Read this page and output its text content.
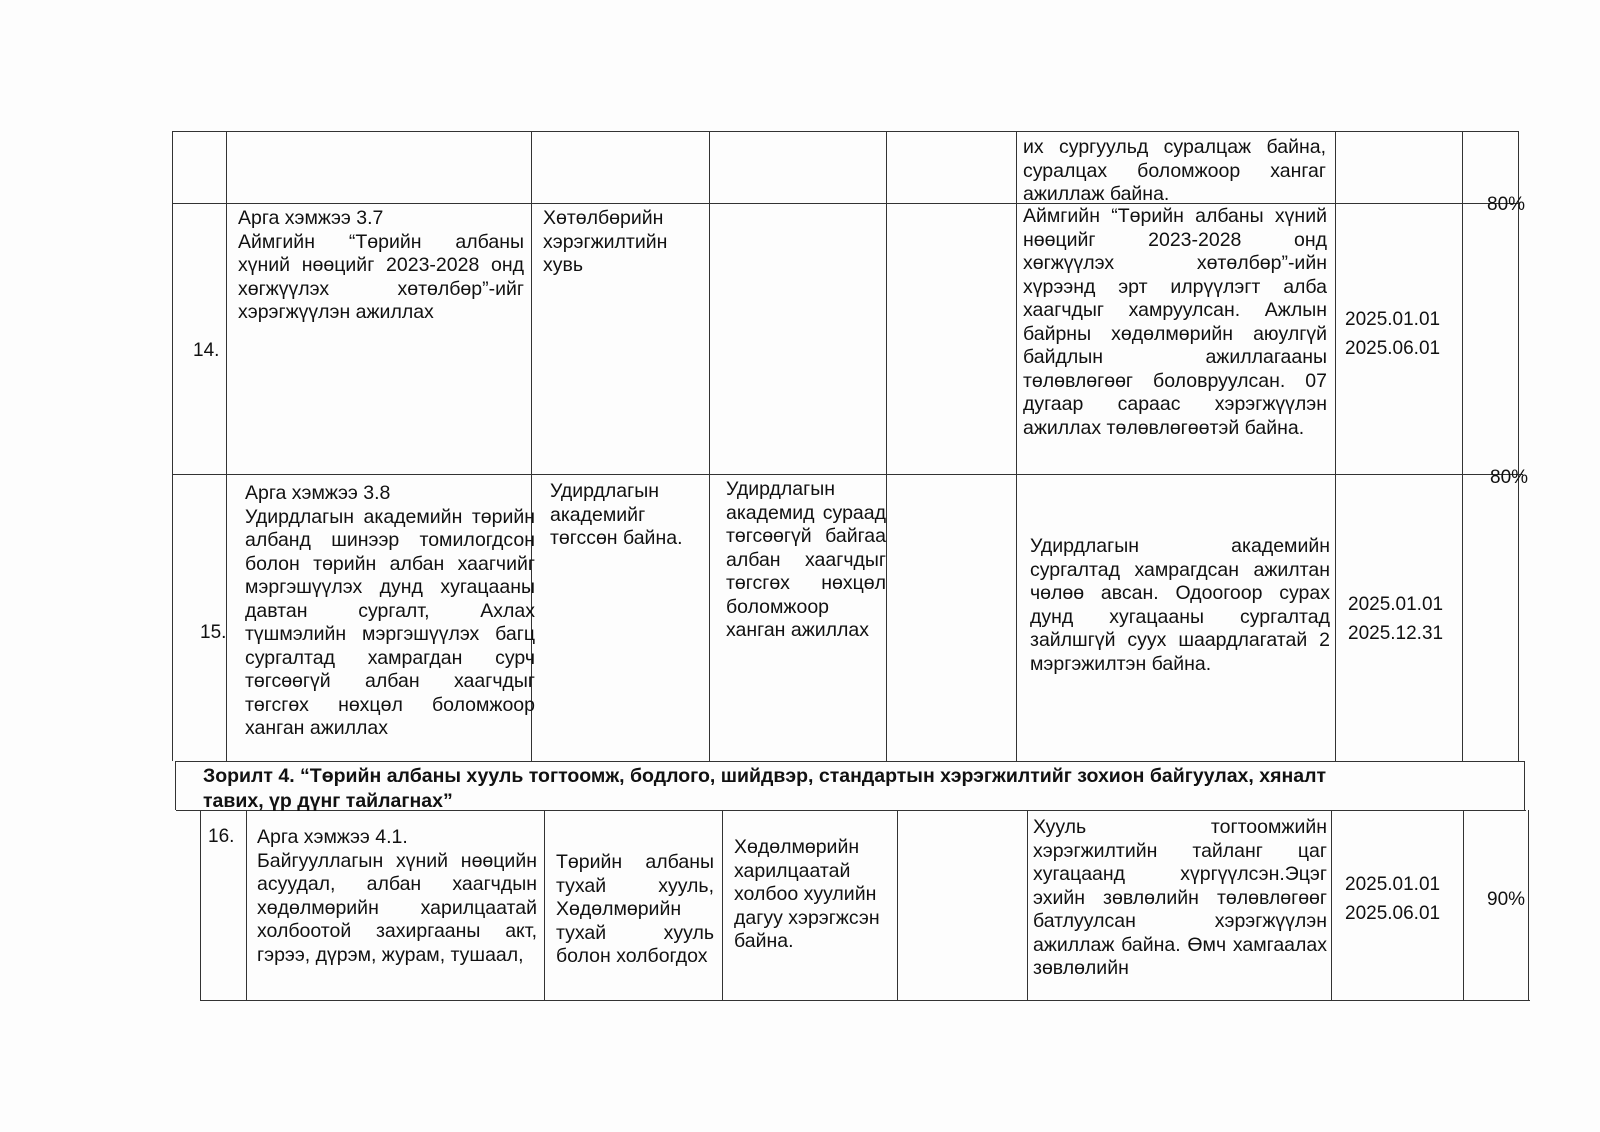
их сургуульд суралцаж байна, суралцах боломжоор хангаг ажиллаж байна.

14.

Арга хэмжээ 3.7

Аймгийн “Төрийн албаны хүний нөөцийг 2023-2028 онд хөгжүүлэх хөтөлбөр”-ийг хэрэгжүүлэн ажиллах

Хөтөлбөрийн хэрэгжилтийн хувь

Аймгийн “Төрийн албаны хүний нөөцийг 2023-2028 онд хөгжүүлэх хөтөлбөр”-ийн хүрээнд эрт илрүүлэгт алба хаагчдыг хамруулсан. Ажлын байрны хөдөлмөрийн аюулгүй байдлын ажиллагааны төлөвлөгөөг боловруулсан. 07 дугаар сараас хэрэгжүүлэн ажиллах төлөвлөгөөтэй байна.

2025.01.01
2025.06.01
80%
15.

Арга хэмжээ 3.8

Удирдлагын академийн төрийн албанд шинээр томилогдсон болон төрийн албан хаагчийг мэргэшүүлэх дунд хугацааны давтан сургалт, Ахлах түшмэлийн мэргэшүүлэх багц сургалтад хамрагдан сурч төгсөөгүй албан хаагчдыг төгсгөх нөхцөл боломжоор ханган ажиллах

Удирдлагын академийг төгссөн байна.

Удирдлагын академид сураад төгсөөгүй байгаа албан хаагчдыг төгсгөх нөхцөл боломжоор ханган ажиллах

Удирдлагын академийн сургалтад хамрагдсан ажилтан чөлөө авсан. Одоогоор сурах дунд хугацааны сургалтад зайлшгүй суух шаардлагатай 2 мэргэжилтэн байна.

2025.01.01
2025.12.31
80%
Зорилт 4. “Төрийн албаны хууль тогтоомж, бодлого, шийдвэр, стандартын хэрэгжилтийг зохион байгуулах, хяналт тавих, үр дүнг тайлагнах”
16. Арга хэмжээ 4.1.

Байгууллагын хүний нөөцийн асуудал, албан хаагчдын хөдөлмөрийн харилцаатай холбоотой захиргааны акт, гэрээ, дүрэм, журам, тушаал,

Төрийн албаны тухай хууль, Хөдөлмөрийн тухай хууль болон холбогдох

Хөдөлмөрийн харилцаатай холбоо хуулийн дагуу хэрэгжсэн байна.

Хууль тогтоомжийн хэрэгжилтийн тайланг цаг хугацаанд хүргүүлсэн.Эцэг эхийн зөвлөлийн төлөвлөгөөг батлуулсан хэрэгжүүлэн ажиллаж байна. Өмч хамгаалах зөвлөлийн

2025.01.01
2025.06.01
90%
